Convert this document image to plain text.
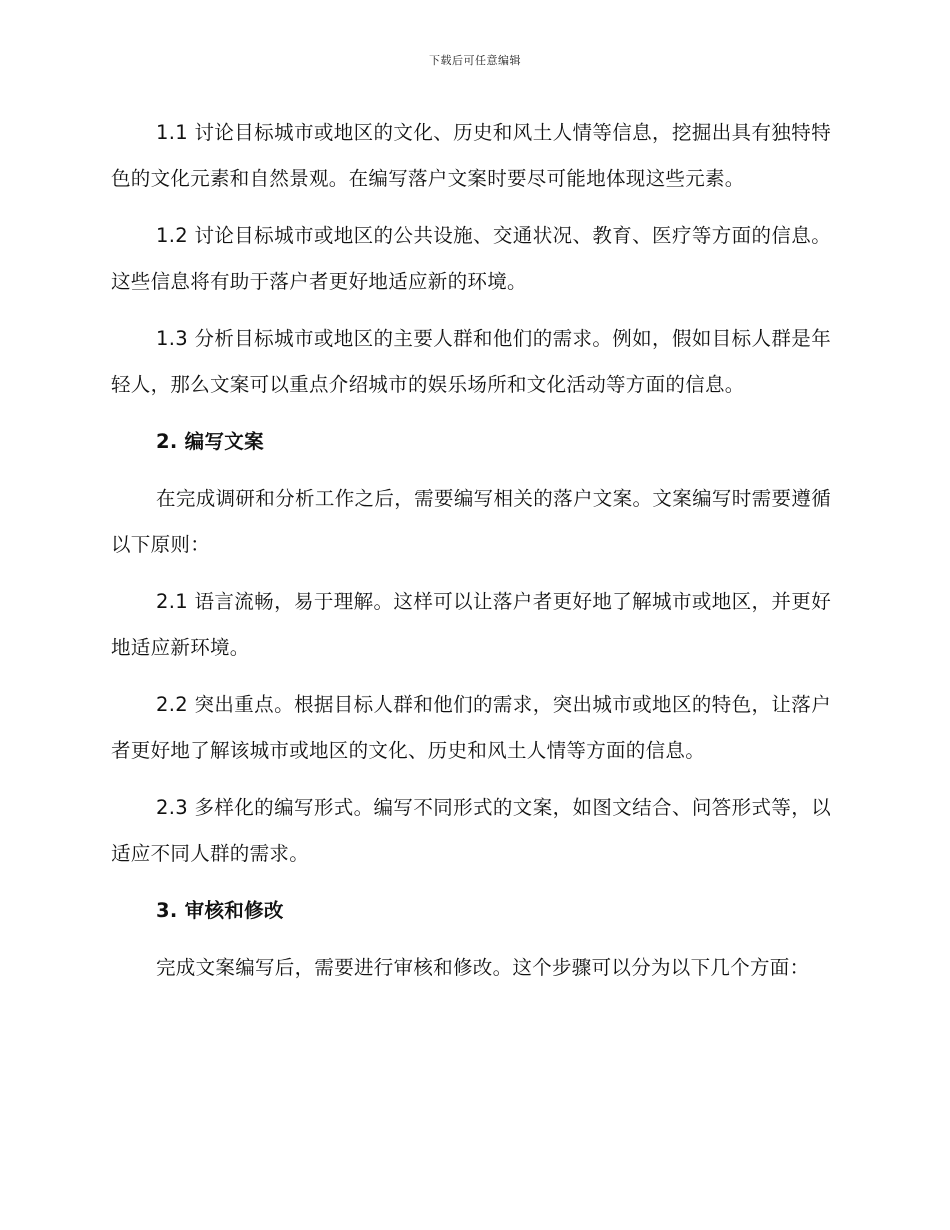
下载后可任意编辑

1.1 讨论目标城市或地区的文化、历史和风土人情等信息，挖掘出具有独特特色的文化元素和自然景观。在编写落户文案时要尽可能地体现这些元素。

1.2 讨论目标城市或地区的公共设施、交通状况、教育、医疗等方面的信息。这些信息将有助于落户者更好地适应新的环境。

1.3 分析目标城市或地区的主要人群和他们的需求。例如，假如目标人群是年轻人，那么文案可以重点介绍城市的娱乐场所和文化活动等方面的信息。

2. 编写文案

在完成调研和分析工作之后，需要编写相关的落户文案。文案编写时需要遵循以下原则：

2.1 语言流畅，易于理解。这样可以让落户者更好地了解城市或地区，并更好地适应新环境。

2.2 突出重点。根据目标人群和他们的需求，突出城市或地区的特色，让落户者更好地了解该城市或地区的文化、历史和风土人情等方面的信息。

2.3 多样化的编写形式。编写不同形式的文案，如图文结合、问答形式等，以适应不同人群的需求。

3. 审核和修改

完成文案编写后，需要进行审核和修改。这个步骤可以分为以下几个方面：
